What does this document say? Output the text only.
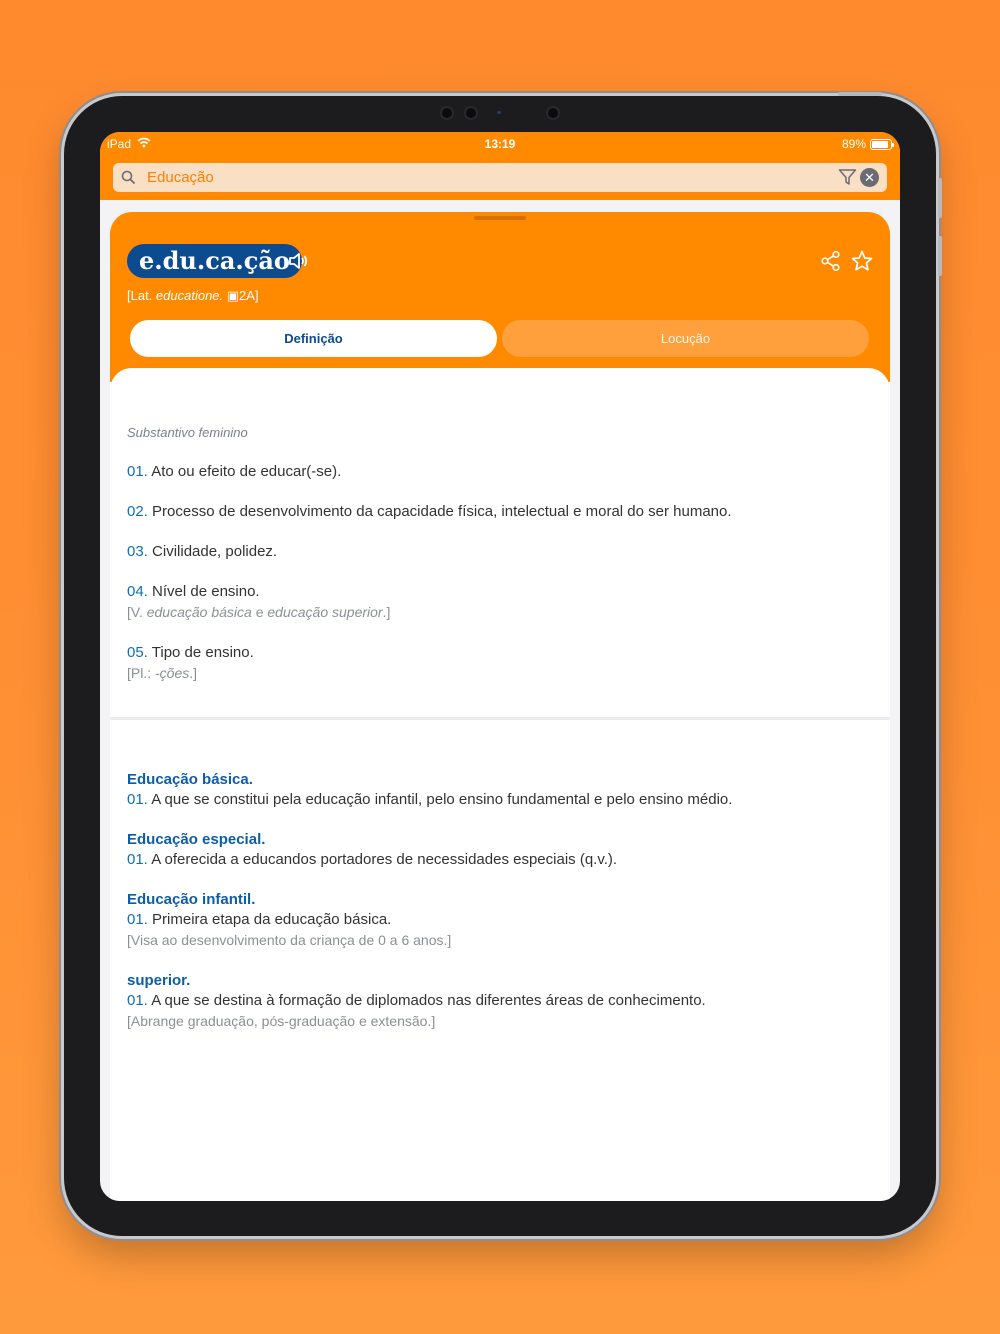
iPad	13:19	89%
Educação	✕
e.du.ca.ção
[Lat. educatione. ▣2A]
Definição	Locução
Substantivo feminino
01. Ato ou efeito de educar(-se).
02. Processo de desenvolvimento da capacidade física, intelectual e moral do ser humano.
03. Civilidade, polidez.
04. Nível de ensino.
[V. educação básica e educação superior.]
05. Tipo de ensino.
[Pl.: -ções.]
Educação básica.
01. A que se constitui pela educação infantil, pelo ensino fundamental e pelo ensino médio.
Educação especial.
01. A oferecida a educandos portadores de necessidades especiais (q.v.).
Educação infantil.
01. Primeira etapa da educação básica.
[Visa ao desenvolvimento da criança de 0 a 6 anos.]
superior.
01. A que se destina à formação de diplomados nas diferentes áreas de conhecimento.
[Abrange graduação, pós-graduação e extensão.]
